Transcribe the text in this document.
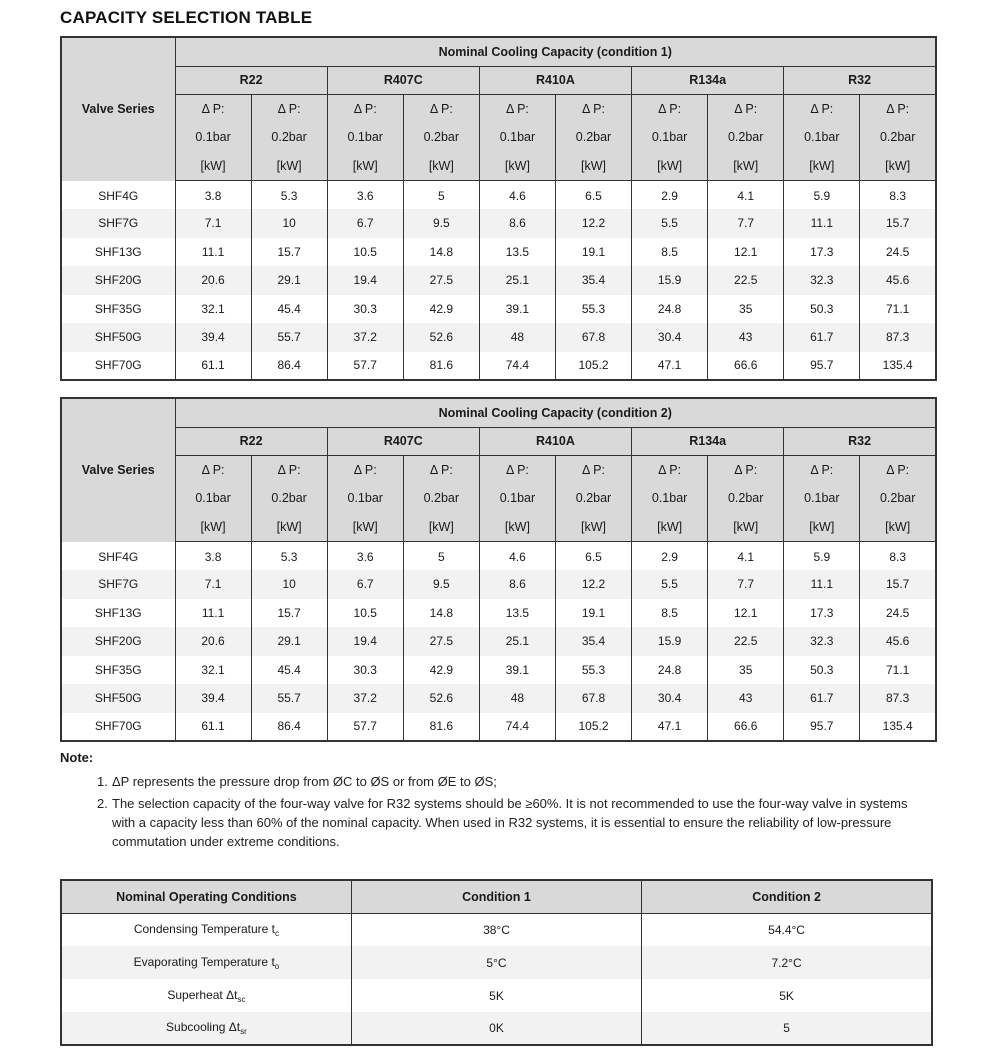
CAPACITY SELECTION TABLE
Valve Series	Nominal Cooling Capacity (condition 1)									
	R22		R407C		R410A		R134a		R32	

	Δ P:
0.1bar
[kW]	Δ P:
0.2bar
[kW]	Δ P:
0.1bar
[kW]	Δ P:
0.2bar
[kW]	Δ P:
0.1bar
[kW]	Δ P:
0.2bar
[kW]	Δ P:
0.1bar
[kW]	Δ P:
0.2bar
[kW]	Δ P:
0.1bar
[kW]	Δ P:
0.2bar
[kW]

SHF4G	3.8	5.3	3.6	5	4.6	6.5	2.9	4.1	5.9	8.3
SHF7G	7.1	10	6.7	9.5	8.6	12.2	5.5	7.7	11.1	15.7
SHF13G	11.1	15.7	10.5	14.8	13.5	19.1	8.5	12.1	17.3	24.5
SHF20G	20.6	29.1	19.4	27.5	25.1	35.4	15.9	22.5	32.3	45.6
SHF35G	32.1	45.4	30.3	42.9	39.1	55.3	24.8	35	50.3	71.1
SHF50G	39.4	55.7	37.2	52.6	48	67.8	30.4	43	61.7	87.3
SHF70G	61.1	86.4	57.7	81.6	74.4	105.2	47.1	66.6	95.7	135.4
Valve Series	Nominal Cooling Capacity (condition 2)									
	R22		R407C		R410A		R134a		R32	

	Δ P:
0.1bar
[kW]	Δ P:
0.2bar
[kW]	Δ P:
0.1bar
[kW]	Δ P:
0.2bar
[kW]	Δ P:
0.1bar
[kW]	Δ P:
0.2bar
[kW]	Δ P:
0.1bar
[kW]	Δ P:
0.2bar
[kW]	Δ P:
0.1bar
[kW]	Δ P:
0.2bar
[kW]

SHF4G	3.8	5.3	3.6	5	4.6	6.5	2.9	4.1	5.9	8.3
SHF7G	7.1	10	6.7	9.5	8.6	12.2	5.5	7.7	11.1	15.7
SHF13G	11.1	15.7	10.5	14.8	13.5	19.1	8.5	12.1	17.3	24.5
SHF20G	20.6	29.1	19.4	27.5	25.1	35.4	15.9	22.5	32.3	45.6
SHF35G	32.1	45.4	30.3	42.9	39.1	55.3	24.8	35	50.3	71.1
SHF50G	39.4	55.7	37.2	52.6	48	67.8	30.4	43	61.7	87.3
SHF70G	61.1	86.4	57.7	81.6	74.4	105.2	47.1	66.6	95.7	135.4
Note:
1. ΔP represents the pressure drop from ØC to ØS or from ØE to ØS;
2. The selection capacity of the four-way valve for R32 systems should be ≥60%. It is not recommended to use the four-way valve in systems with a capacity less than 60% of the nominal capacity. When used in R32 systems, it is essential to ensure the reliability of low-pressure commutation under extreme conditions.
Nominal Operating Conditions	Condition 1	Condition 2
Condensing Temperature $t_c$	38°C	54.4°C
Evaporating Temperature $t_o$	5°C	7.2°C
Superheat $\Delta t_{sc}$	5K	5K
Subcooling $\Delta t_{sr}$	0K	5
